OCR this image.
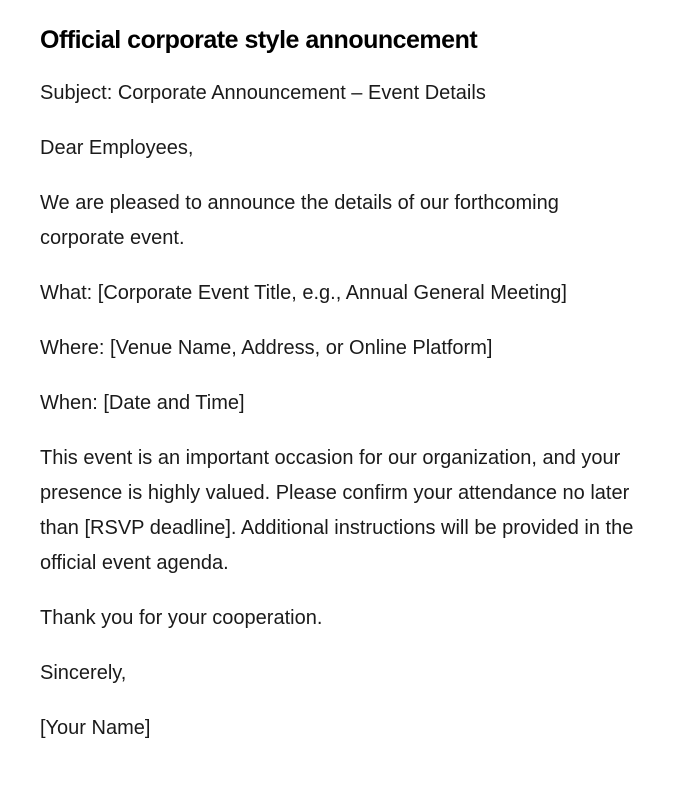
Official corporate style announcement

Subject: Corporate Announcement – Event Details

Dear Employees,

We are pleased to announce the details of our forthcoming corporate event.

What: [Corporate Event Title, e.g., Annual General Meeting]

Where: [Venue Name, Address, or Online Platform]

When: [Date and Time]

This event is an important occasion for our organization, and your presence is highly valued. Please confirm your attendance no later than [RSVP deadline]. Additional instructions will be provided in the official event agenda.

Thank you for your cooperation.

Sincerely,

[Your Name]
